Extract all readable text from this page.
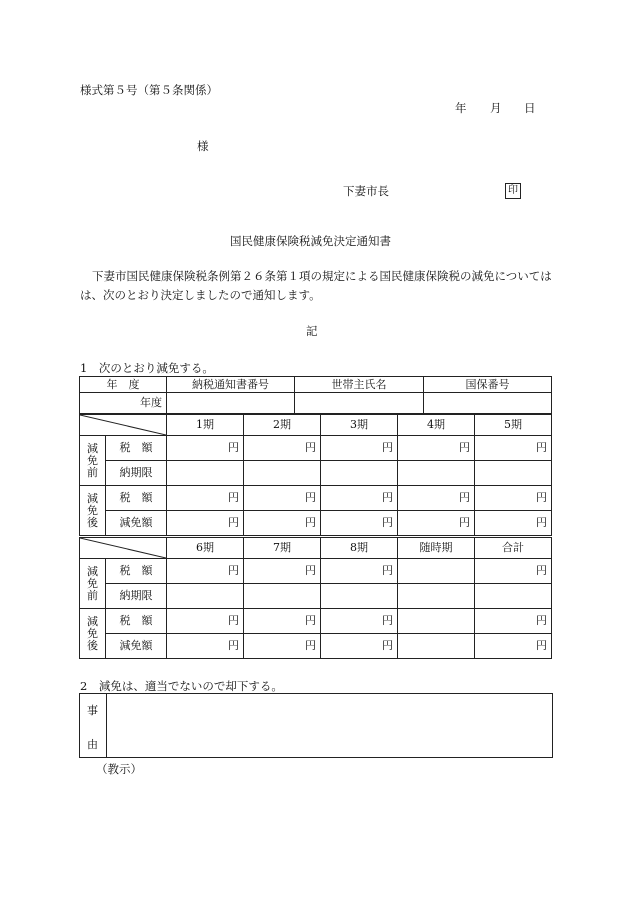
様式第５号（第５条関係）
年 月 日
様
下妻市長	印
国民健康保険税減免決定通知書
下妻市国民健康保険税条例第２６条第１項の規定による国民健康保険税の減免については
は、次のとおり決定しましたので通知します。
記
1　次のとおり減免する。
年　度	納税通知書番号	世帯主氏名	国保番号
年度			
	1期	2期	3期	4期	5期

減
免
前	税　額	円	円	円	円	円
	納期限					

減
免
後	税　額	円	円	円	円	円
	減免額	円	円	円	円	円
	6期	7期	8期	随時期	合計

減
免
前	税　額	円	円	円		円
	納期限					

減
免
後	税　額	円	円	円		円
	減免額	円	円	円		円
2　減免は、適当でないので却下する。
事
由
（教示）
